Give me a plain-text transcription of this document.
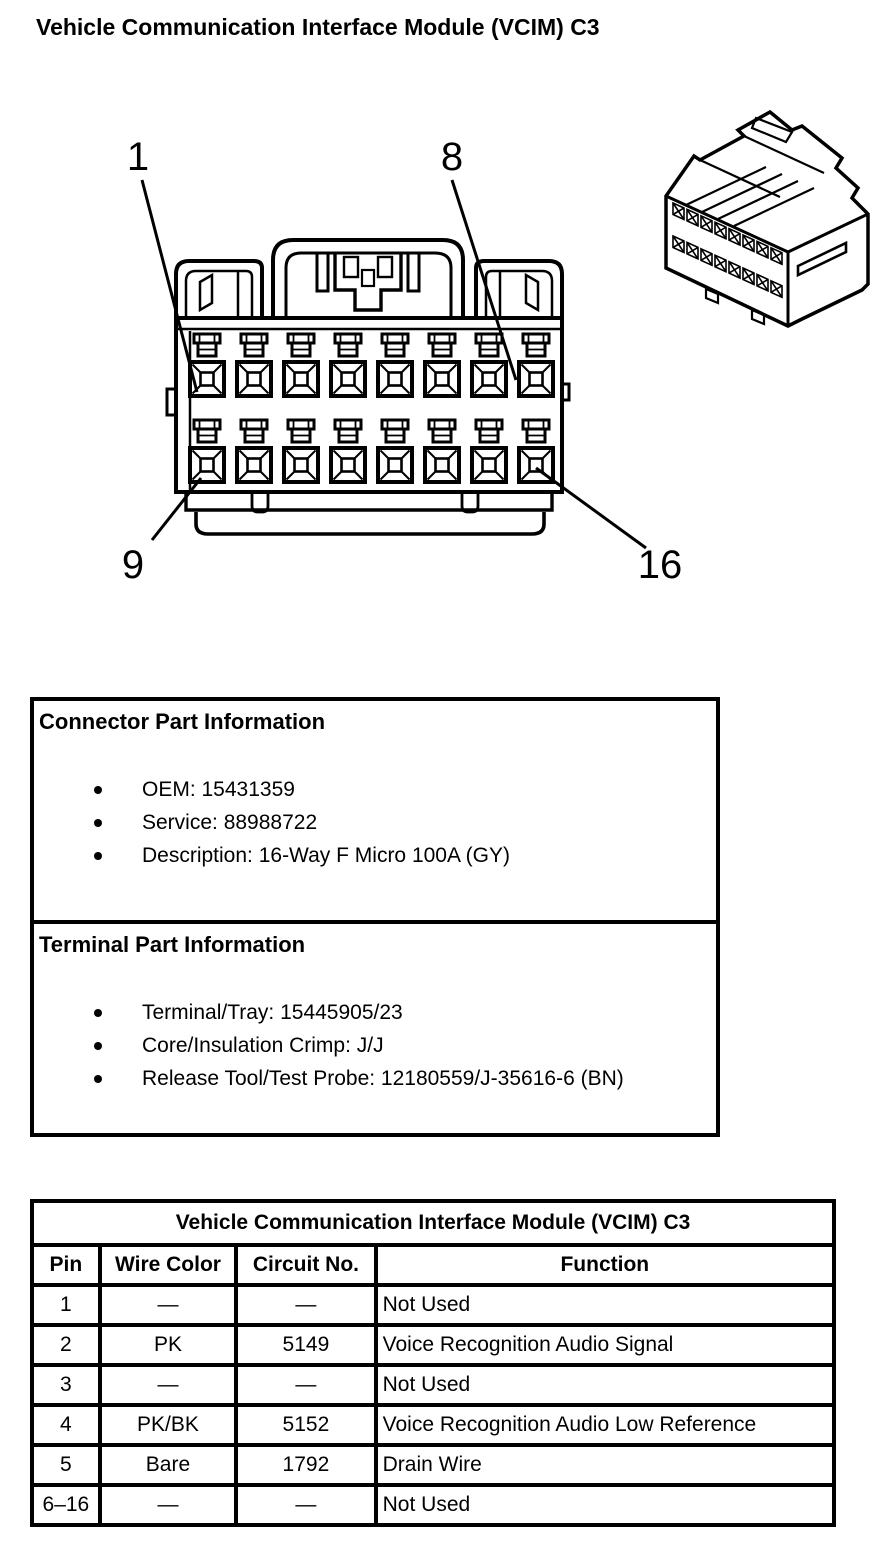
Vehicle Communication Interface Module (VCIM) C3
1	8
9	16
Connector Part Information
OEM: 15431359
Service: 88988722
Description: 16-Way F Micro 100A (GY)
Terminal Part Information
Terminal/Tray: 15445905/23
Core/Insulation Crimp: J/J
Release Tool/Test Probe: 12180559/J-35616-6 (BN)
Vehicle Communication Interface Module (VCIM) C3			
Pin	Wire Color	Circuit No.	Function
1	—	—	Not Used
2	PK	5149	Voice Recognition Audio Signal
3	—	—	Not Used
4	PK/BK	5152	Voice Recognition Audio Low Reference
5	Bare	1792	Drain Wire
6–16	—	—	Not Used
